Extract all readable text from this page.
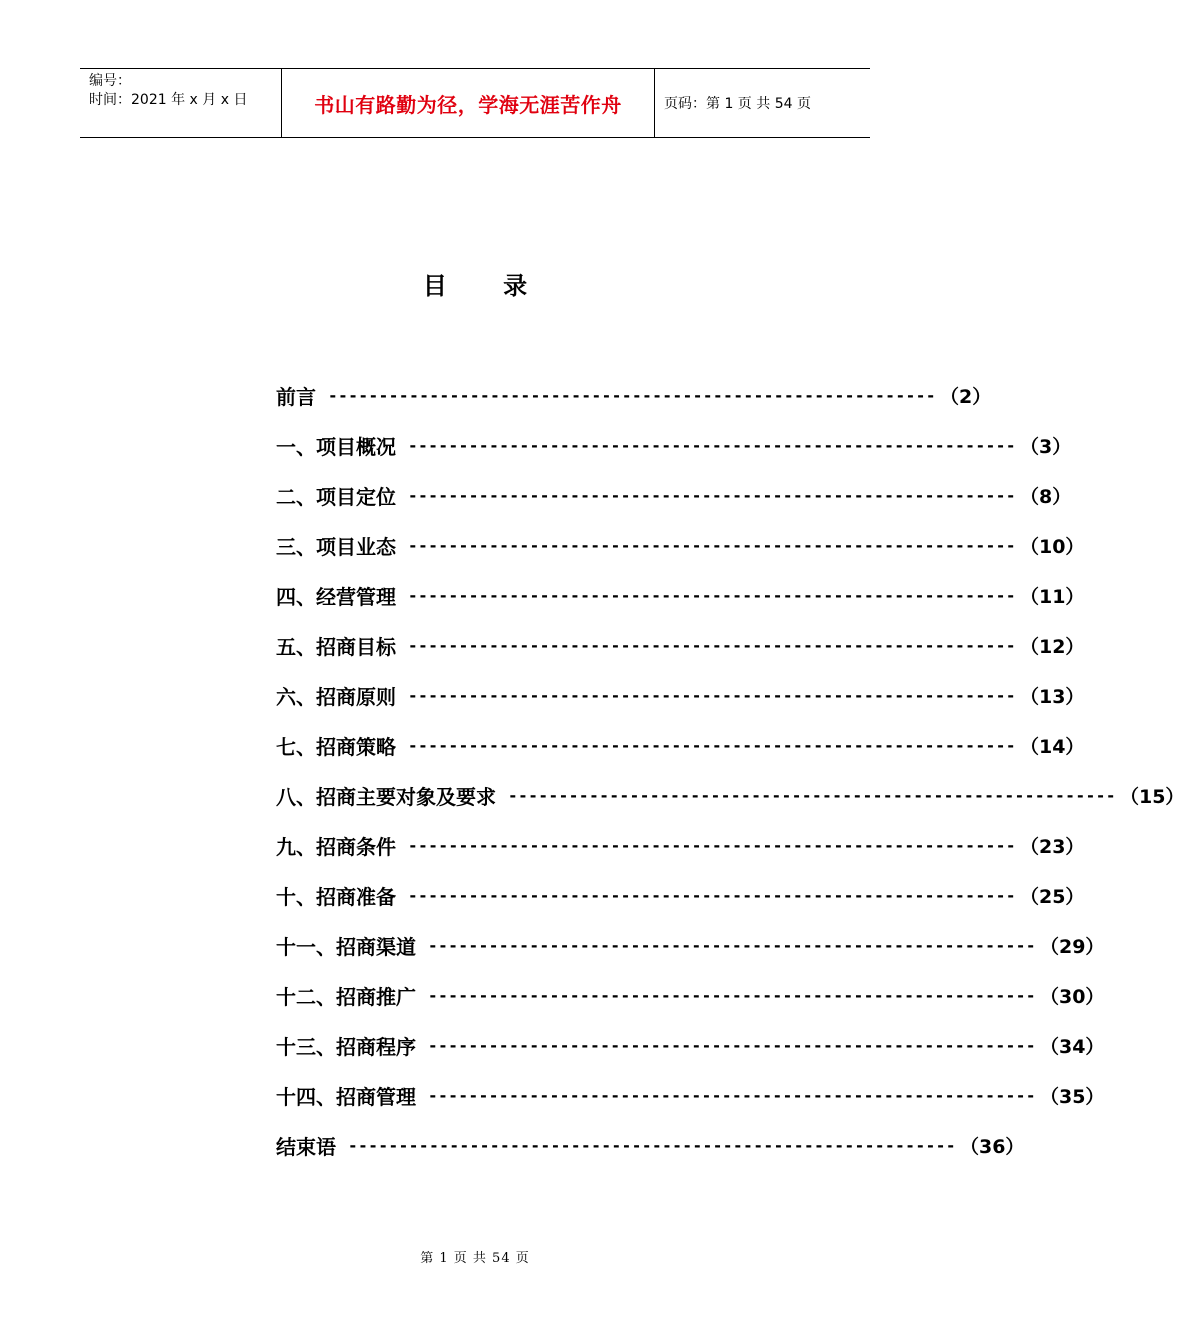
编号：
时间：2021 年 x 月 x 日	书山有路勤为径，学海无涯苦作舟	页码：第 1 页 共 54 页
目 录
前言 ------------------------------------------------------------ （2）
一、项目概况 ------------------------------------------------------------ （3）
二、项目定位 ------------------------------------------------------------ （8）
三、项目业态 ------------------------------------------------------------ （10）
四、经营管理 ------------------------------------------------------------ （11）
五、招商目标 ------------------------------------------------------------ （12）
六、招商原则 ------------------------------------------------------------ （13）
七、招商策略 ------------------------------------------------------------ （14）
八、招商主要对象及要求 ------------------------------------------------------------ （15）
九、招商条件 ------------------------------------------------------------ （23）
十、招商准备 ------------------------------------------------------------ （25）
十一、招商渠道 ------------------------------------------------------------ （29）
十二、招商推广 ------------------------------------------------------------ （30）
十三、招商程序 ------------------------------------------------------------ （34）
十四、招商管理 ------------------------------------------------------------ （35）
结束语 ------------------------------------------------------------ （36）
第 1 页 共 54 页
